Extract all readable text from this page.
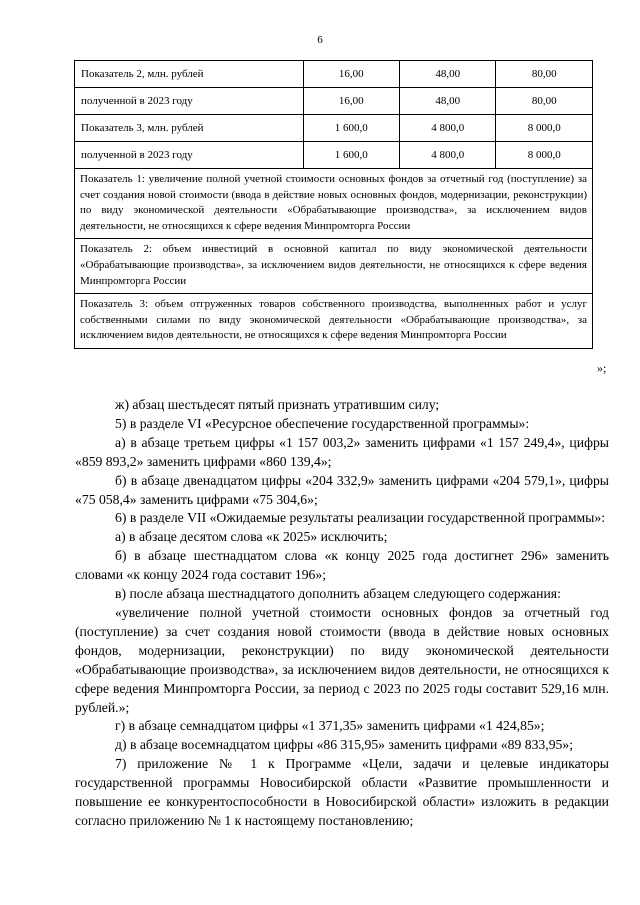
6
Показатель 2, млн. рублей	16,00	48,00	80,00
полученной в 2023 году	16,00	48,00	80,00
Показатель 3, млн. рублей	1 600,0	4 800,0	8 000,0
полученной в 2023 году	1 600,0	4 800,0	8 000,0
Показатель 1: увеличение полной учетной стоимости основных фондов за отчетный год (поступление) за счет создания новой стоимости (ввода в действие новых основных фондов, модернизации, реконструкции) по виду экономической деятельности «Обрабатывающие производства», за исключением видов деятельности, не относящихся к сфере ведения Минпромторга России			
Показатель 2: объем инвестиций в основной капитал по виду экономической деятельности «Обрабатывающие производства», за исключением видов деятельности, не относящихся к сфере ведения Минпромторга России			
Показатель 3: объем отгруженных товаров собственного производства, выполненных работ и услуг собственными силами по виду экономической деятельности «Обрабатывающие производства», за исключением видов деятельности, не относящихся к сфере ведения Минпромторга России			
»;

ж) абзац шестьдесят пятый признать утратившим силу;

5) в разделе VI «Ресурсное обеспечение государственной программы»:

а) в абзаце третьем цифры «1 157 003,2» заменить цифрами «1 157 249,4», цифры «859 893,2» заменить цифрами «860 139,4»;

б) в абзаце двенадцатом цифры «204 332,9» заменить цифрами «204 579,1», цифры «75 058,4» заменить цифрами «75 304,6»;

6) в разделе VII «Ожидаемые результаты реализации государственной программы»:

а) в абзаце десятом слова «к 2025» исключить;

б) в абзаце шестнадцатом слова «к концу 2025 года достигнет 296» заменить словами «к концу 2024 года составит 196»;

в) после абзаца шестнадцатого дополнить абзацем следующего содержания:

«увеличение полной учетной стоимости основных фондов за отчетный год (поступление) за счет создания новой стоимости (ввода в действие новых основных фондов, модернизации, реконструкции) по виду экономической деятельности «Обрабатывающие производства», за исключением видов деятельности, не относящихся к сфере ведения Минпромторга России, за период с 2023 по 2025 годы составит 529,16 млн. рублей.»;

г) в абзаце семнадцатом цифры «1 371,35» заменить цифрами «1 424,85»;

д) в абзаце восемнадцатом цифры «86 315,95» заменить цифрами «89 833,95»;

7) приложение № 1 к Программе «Цели, задачи и целевые индикаторы государственной программы Новосибирской области «Развитие промышленности и повышение ее конкурентоспособности в Новосибирской области» изложить в редакции согласно приложению № 1 к настоящему постановлению;
